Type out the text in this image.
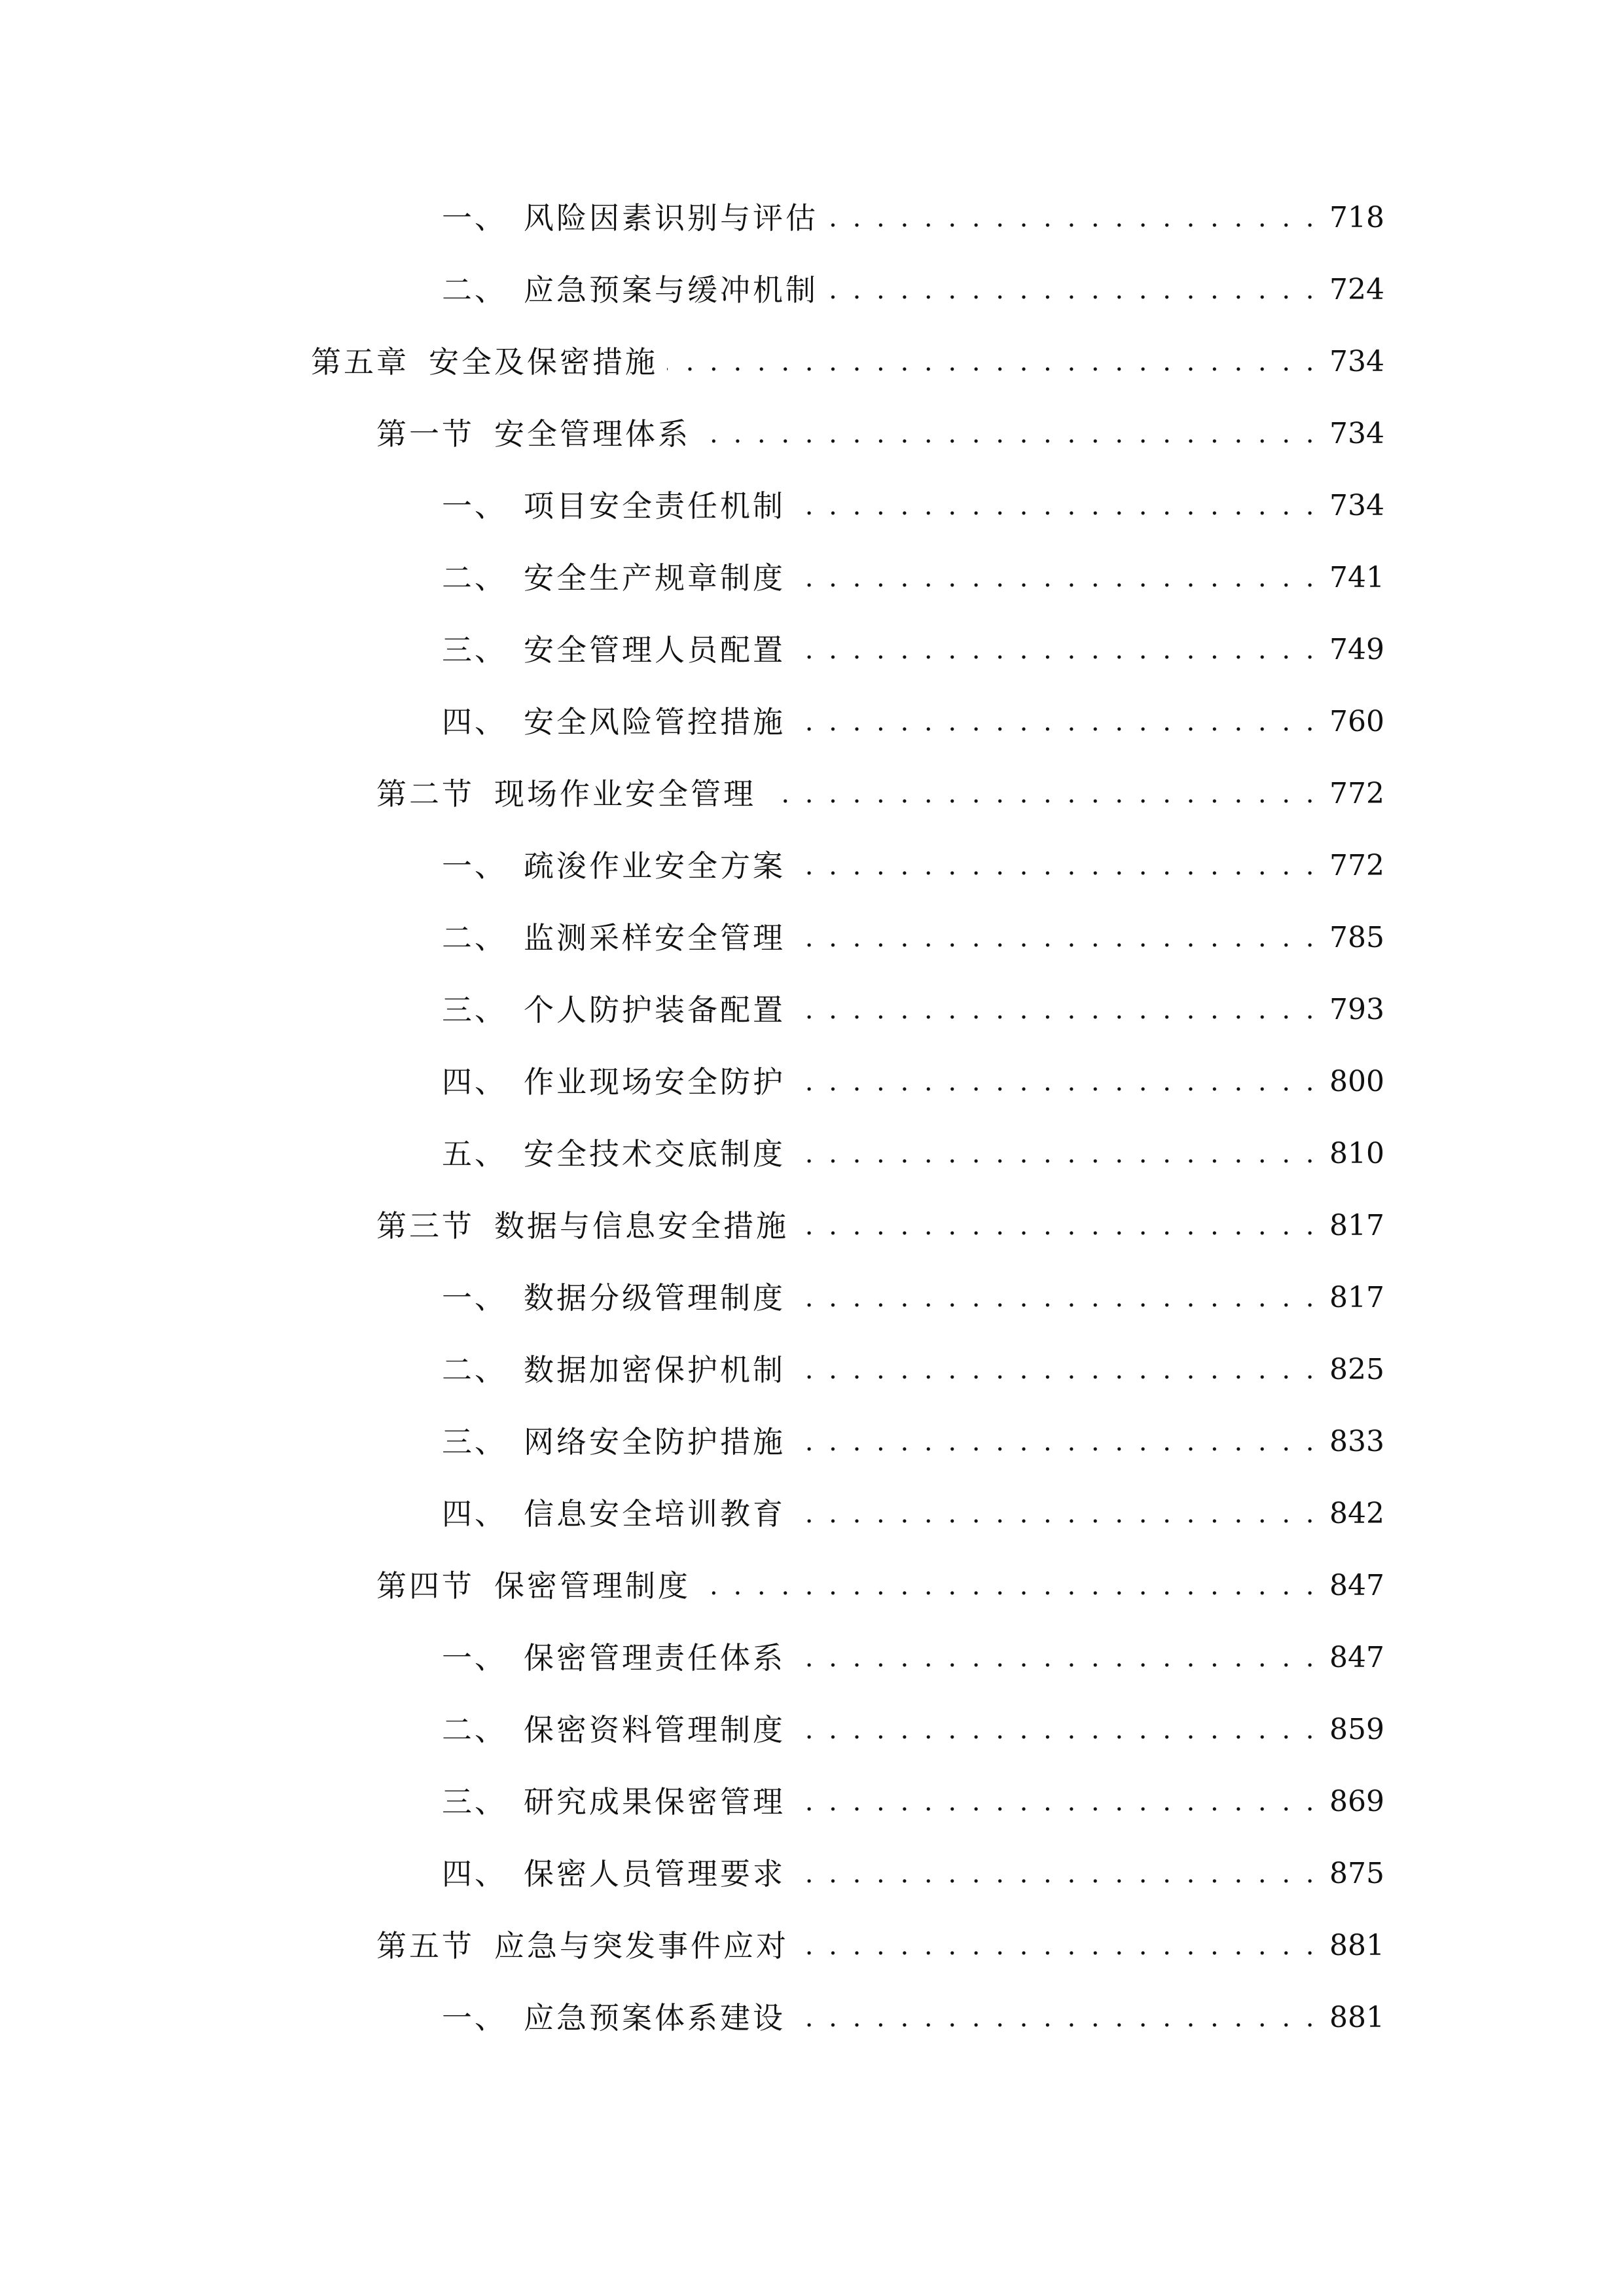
一、 风险因素识别与评估 . . .	718
二、 应急预案与缓冲机制 . . .	724
第五章 安全及保密措施 . . .	734
第一节 安全管理体系 . . .	734
一、 项目安全责任机制 . . .	734
二、 安全生产规章制度 . . .	741
三、 安全管理人员配置 . . .	749
四、 安全风险管控措施 . . .	760
第二节 现场作业安全管理 . . .	772
一、 疏浚作业安全方案 . . .	772
二、 监测采样安全管理 . . .	785
三、 个人防护装备配置 . . .	793
四、 作业现场安全防护 . . .	800
五、 安全技术交底制度 . . .	810
第三节 数据与信息安全措施 . . .	817
一、 数据分级管理制度 . . .	817
二、 数据加密保护机制 . . .	825
三、 网络安全防护措施 . . .	833
四、 信息安全培训教育 . . .	842
第四节 保密管理制度 . . .	847
一、 保密管理责任体系 . . .	847
二、 保密资料管理制度 . . .	859
三、 研究成果保密管理 . . .	869
四、 保密人员管理要求 . . .	875
第五节 应急与突发事件应对 . . .	881
一、 应急预案体系建设 . . .	881
